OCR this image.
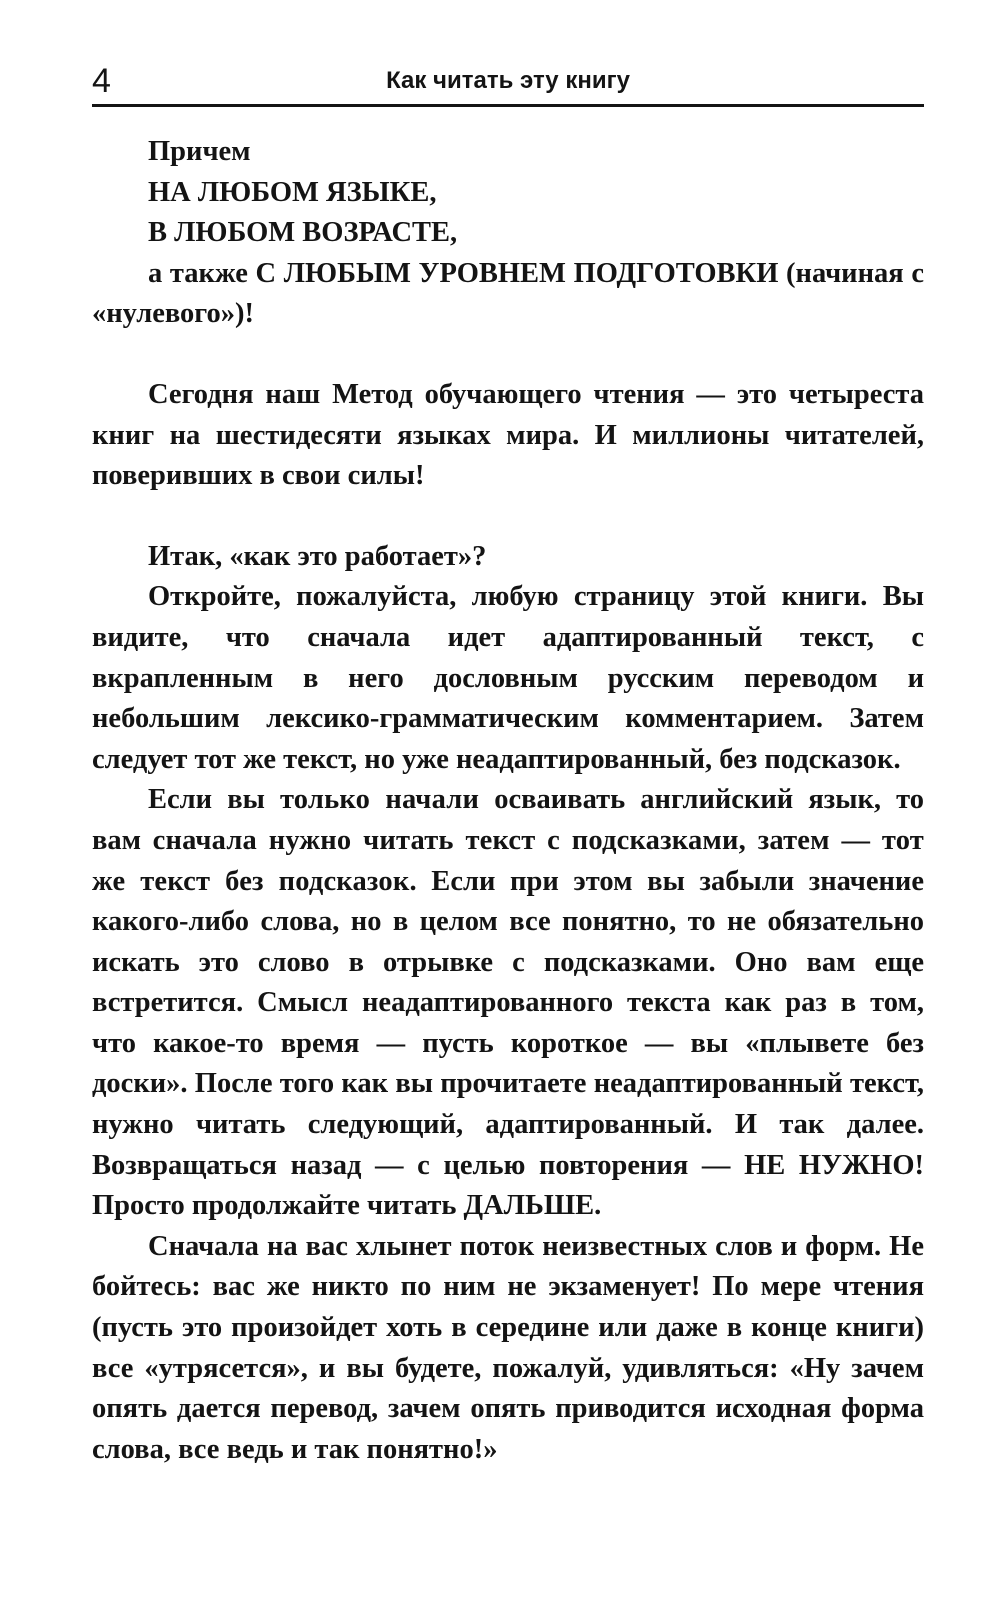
4	Как читать эту книгу

Причем

НА ЛЮБОМ ЯЗЫКЕ,

В ЛЮБОМ ВОЗРАСТЕ,

а также С ЛЮБЫМ УРОВНЕМ ПОДГОТОВКИ (начиная с «нулевого»)!

Сегодня наш Метод обучающего чтения — это четыреста книг на шестидесяти языках мира. И миллионы читателей, поверивших в свои силы!

Итак, «как это работает»?

Откройте, пожалуйста, любую страницу этой книги. Вы видите, что сначала идет адаптированный текст, с вкрапленным в него дословным русским переводом и небольшим лексико-грамматическим комментарием. Затем следует тот же текст, но уже неадаптированный, без подсказок.

Если вы только начали осваивать английский язык, то вам сначала нужно читать текст с подсказками, затем — тот же текст без подсказок. Если при этом вы забыли значение какого-либо слова, но в целом все понятно, то не обязательно искать это слово в отрывке с подсказками. Оно вам еще встретится. Смысл неадаптированного текста как раз в том, что какое-то время — пусть короткое — вы «плывете без доски». После того как вы прочитаете неадаптированный текст, нужно читать следующий, адаптированный. И так далее. Возвращаться назад — с целью повторения — НЕ НУЖНО! Просто продолжайте читать ДАЛЬШЕ.

Сначала на вас хлынет поток неизвестных слов и форм. Не бойтесь: вас же никто по ним не экзаменует! По мере чтения (пусть это произойдет хоть в середине или даже в конце книги) все «утрясется», и вы будете, пожалуй, удивляться: «Ну зачем опять дается перевод, зачем опять приводится исходная форма слова, все ведь и так понятно!»
